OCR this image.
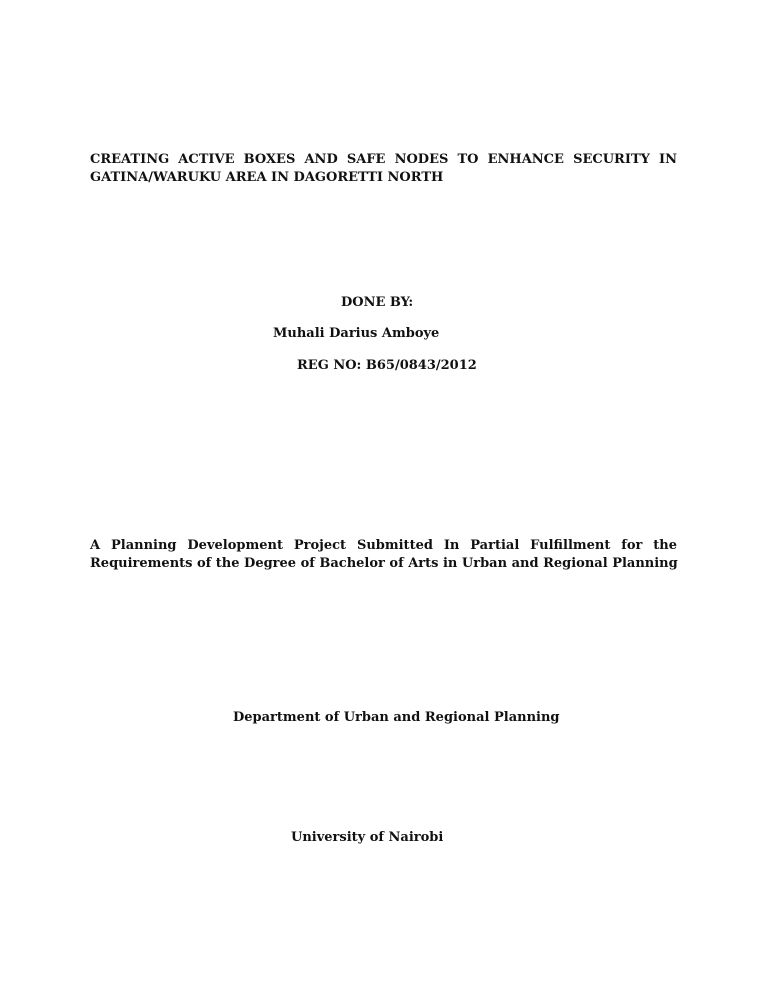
CREATING ACTIVE BOXES AND SAFE NODES TO ENHANCE SECURITY IN
GATINA/WARUKU AREA IN DAGORETTI NORTH
DONE BY:
Muhali Darius Amboye
REG NO: B65/0843/2012
A Planning Development Project Submitted In Partial Fulfillment for the
Requirements of the Degree of Bachelor of Arts in Urban and Regional Planning
Department of Urban and Regional Planning
University of Nairobi
